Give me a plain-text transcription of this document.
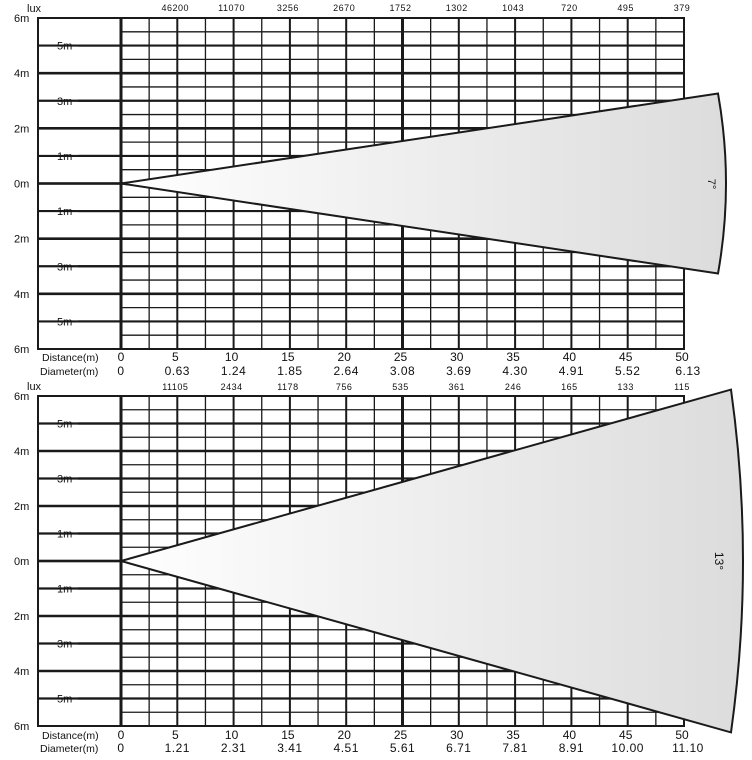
7°
lux	46200	11070	3256	2670	1752	1302	1043	720	495	379
6m
4m
2m
0m
2m
4m
6m
5m
3m
1m
1m
3m
5m
Distance(m)
Diameter(m)
0	5	10	15	20	25	30	35	40	45	50
0	0.63	1.24	1.85	2.64	3.08	3.69	4.30	4.91	5.52	6.13
13°
lux	11105	2434	1178	756	535	361	246	165	133	115
6m
4m
2m
0m
2m
4m
6m
5m
3m
1m
1m
3m
5m
Distance(m)
Diameter(m)
0	5	10	15	20	25	30	35	40	45	50
0	1.21	2.31	3.41	4.51	5.61	6.71	7.81	8.91 10.00 11.10
